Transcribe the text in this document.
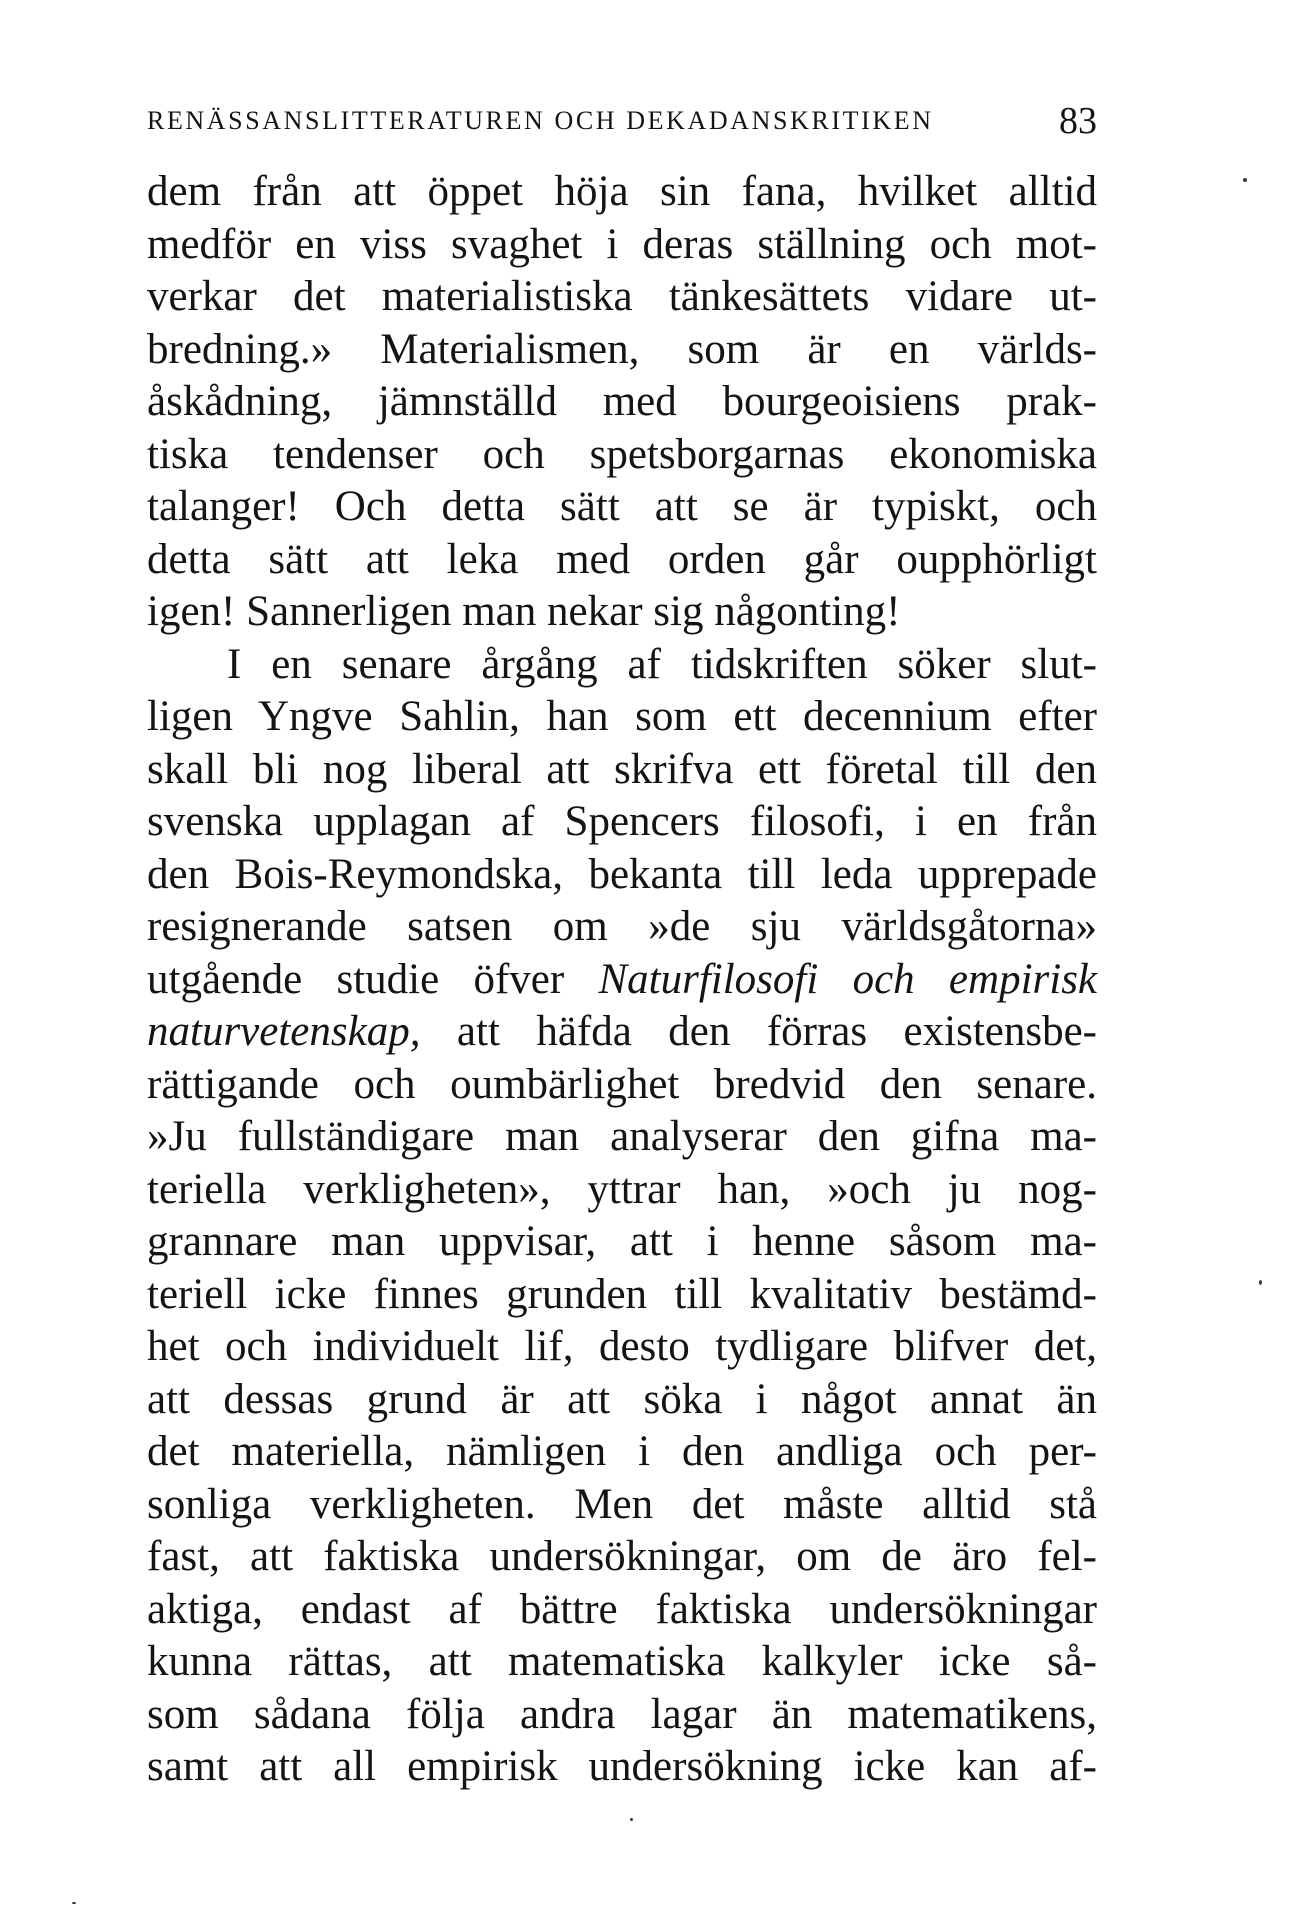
RENÄSSANSLITTERATUREN OCH DEKADANSKRITIKEN	83
dem från att öppet höja sin fana, hvilket alltid
medför en viss svaghet i deras ställning och mot-
verkar det materialistiska tänkesättets vidare ut-
bredning.» Materialismen, som är en världs-
åskådning, jämnställd med bourgeoisiens prak-
tiska tendenser och spetsborgarnas ekonomiska
talanger! Och detta sätt att se är typiskt, och
detta sätt att leka med orden går oupphörligt
igen! Sannerligen man nekar sig någonting!
I en senare årgång af tidskriften söker slut-
ligen Yngve Sahlin, han som ett decennium efter
skall bli nog liberal att skrifva ett företal till den
svenska upplagan af Spencers filosofi, i en från
den Bois-Reymondska, bekanta till leda upprepade
resignerande satsen om »de sju världsgåtorna»
utgående studie öfver Naturfilosofi och empirisk
naturvetenskap, att häfda den förras existensbe-
rättigande och oumbärlighet bredvid den senare.
»Ju fullständigare man analyserar den gifna ma-
teriella verkligheten», yttrar han, »och ju nog-
grannare man uppvisar, att i henne såsom ma-
teriell icke finnes grunden till kvalitativ bestämd-
het och individuelt lif, desto tydligare blifver det,
att dessas grund är att söka i något annat än
det materiella, nämligen i den andliga och per-
sonliga verkligheten. Men det måste alltid stå
fast, att faktiska undersökningar, om de äro fel-
aktiga, endast af bättre faktiska undersökningar
kunna rättas, att matematiska kalkyler icke så-
som sådana följa andra lagar än matematikens,
samt att all empirisk undersökning icke kan af-
